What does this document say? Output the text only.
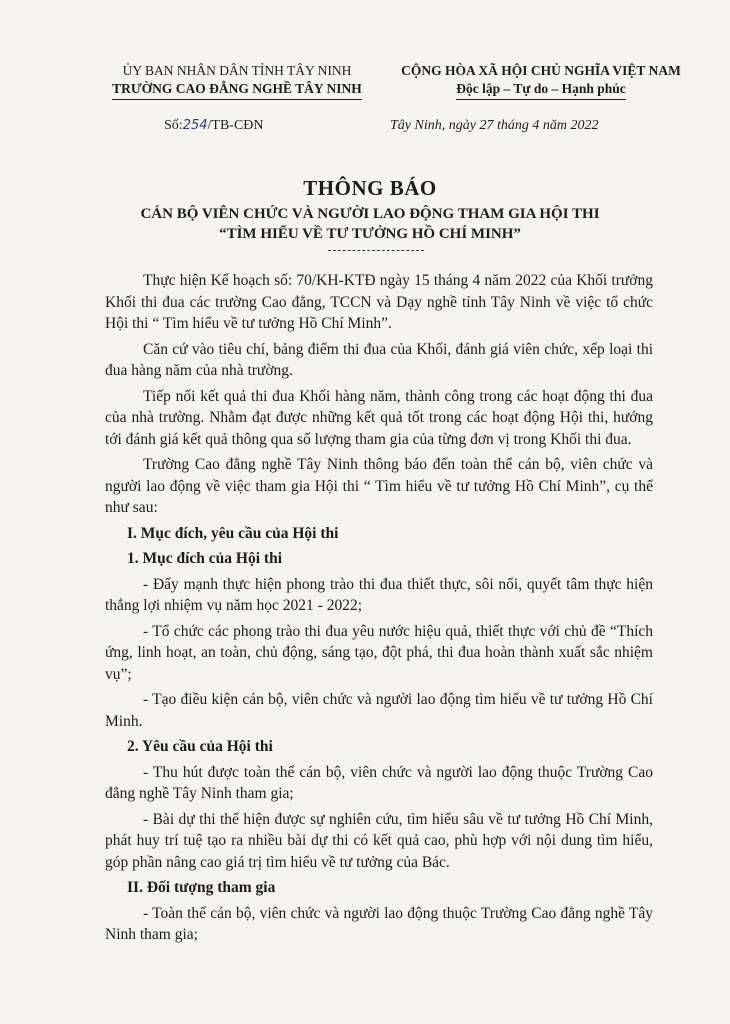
ỦY BAN NHÂN DÂN TỈNH TÂY NINH
TRƯỜNG CAO ĐẲNG NGHỀ TÂY NINH
CỘNG HÒA XÃ HỘI CHỦ NGHĨA VIỆT NAM
Độc lập – Tự do – Hạnh phúc
Số:254/TB-CĐN	Tây Ninh, ngày 27 tháng 4 năm 2022
THÔNG BÁO
CÁN BỘ VIÊN CHỨC VÀ NGƯỜI LAO ĐỘNG THAM GIA HỘI THI
“TÌM HIỂU VỀ TƯ TƯỞNG HỒ CHÍ MINH”

Thực hiện Kế hoạch số: 70/KH-KTĐ ngày 15 tháng 4 năm 2022 của Khối trưởng Khối thi đua các trường Cao đẳng, TCCN và Dạy nghề tỉnh Tây Ninh về việc tổ chức Hội thi “ Tìm hiểu về tư tưởng Hồ Chí Minh”.

Căn cứ vào tiêu chí, bảng điểm thi đua của Khối, đánh giá viên chức, xếp loại thi đua hàng năm của nhà trường.

Tiếp nối kết quả thi đua Khối hàng năm, thành công trong các hoạt động thi đua của nhà trường. Nhằm đạt được những kết quả tốt trong các hoạt động Hội thi, hướng tới đánh giá kết quả thông qua số lượng tham gia của từng đơn vị trong Khối thi đua.

Trường Cao đẳng nghề Tây Ninh thông báo đến toàn thể cán bộ, viên chức và người lao động về việc tham gia Hội thi “ Tìm hiểu về tư tưởng Hồ Chí Minh”, cụ thể như sau:

I. Mục đích, yêu cầu của Hội thi

1. Mục đích của Hội thi

- Đẩy mạnh thực hiện phong trào thi đua thiết thực, sôi nổi, quyết tâm thực hiện thắng lợi nhiệm vụ năm học 2021 - 2022;

- Tổ chức các phong trào thi đua yêu nước hiệu quả, thiết thực với chủ đề “Thích ứng, linh hoạt, an toàn, chủ động, sáng tạo, đột phá, thi đua hoàn thành xuất sắc nhiệm vụ”;

- Tạo điều kiện cán bộ, viên chức và người lao động tìm hiểu về tư tưởng Hồ Chí Minh.

2. Yêu cầu của Hội thi

- Thu hút được toàn thể cán bộ, viên chức và người lao động thuộc Trường Cao đẳng nghề Tây Ninh tham gia;

- Bài dự thi thể hiện được sự nghiên cứu, tìm hiểu sâu về tư tưởng Hồ Chí Minh, phát huy trí tuệ tạo ra nhiều bài dự thi có kết quả cao, phù hợp với nội dung tìm hiểu, góp phần nâng cao giá trị tìm hiểu về tư tưởng của Bác.

II. Đối tượng tham gia

- Toàn thể cán bộ, viên chức và người lao động thuộc Trường Cao đẳng nghề Tây Ninh tham gia;
